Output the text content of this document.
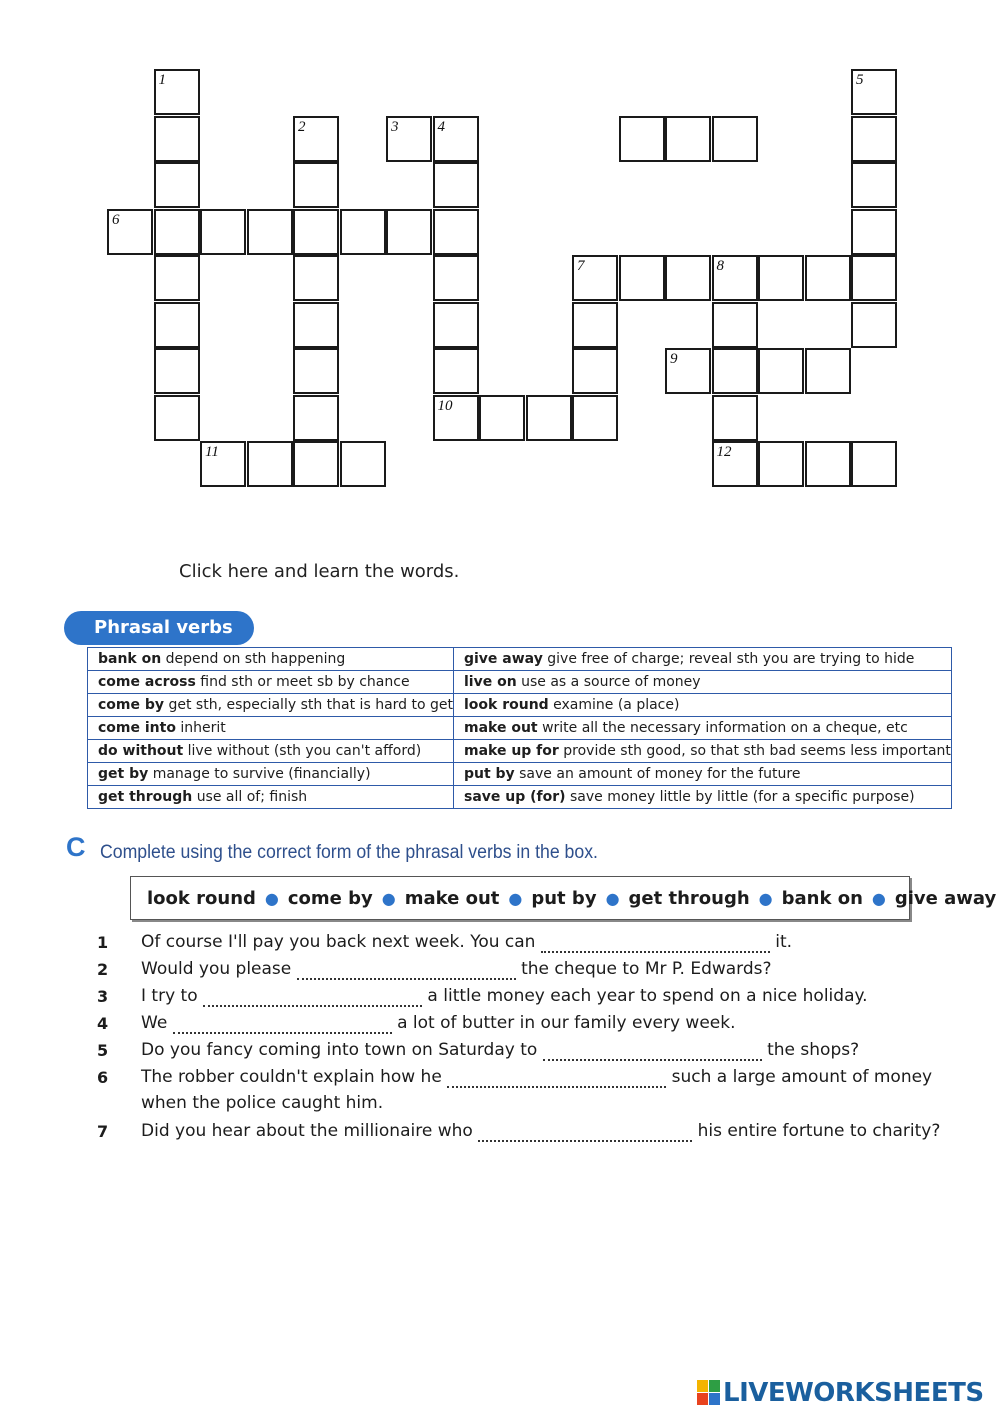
1
2	3	4
10
5
6
7	8
12
9
11
Click here and learn the words.
Phrasal verbs
bank on depend on sth happening	give away give free of charge; reveal sth you are trying to hide
come across find sth or meet sb by chance	live on use as a source of money
come by get sth, especially sth that is hard to get	look round examine (a place)
come into inherit	make out write all the necessary information on a cheque, etc
do without live without (sth you can't afford)	make up for provide sth good, so that sth bad seems less important
get by manage to survive (financially)	put by save an amount of money for the future
get through use all of; finish	save up (for) save money little by little (for a specific purpose)
C Complete using the correct form of the phrasal verbs in the box.
look round ● come by ● make out ● put by ● get through ● bank on ● give away
1 Of course I'll pay you back next week. You can	it.
2 Would you please	the cheque to Mr P. Edwards?
3 I try to	a little money each year to spend on a nice holiday.
4 We	a lot of butter in our family every week.
5 Do you fancy coming into town on Saturday to	the shops?
6 The robber couldn't explain how he	such a large amount of money
when the police caught him.
7 Did you hear about the millionaire who	his entire fortune to charity?
LIVEWORKSHEETS
